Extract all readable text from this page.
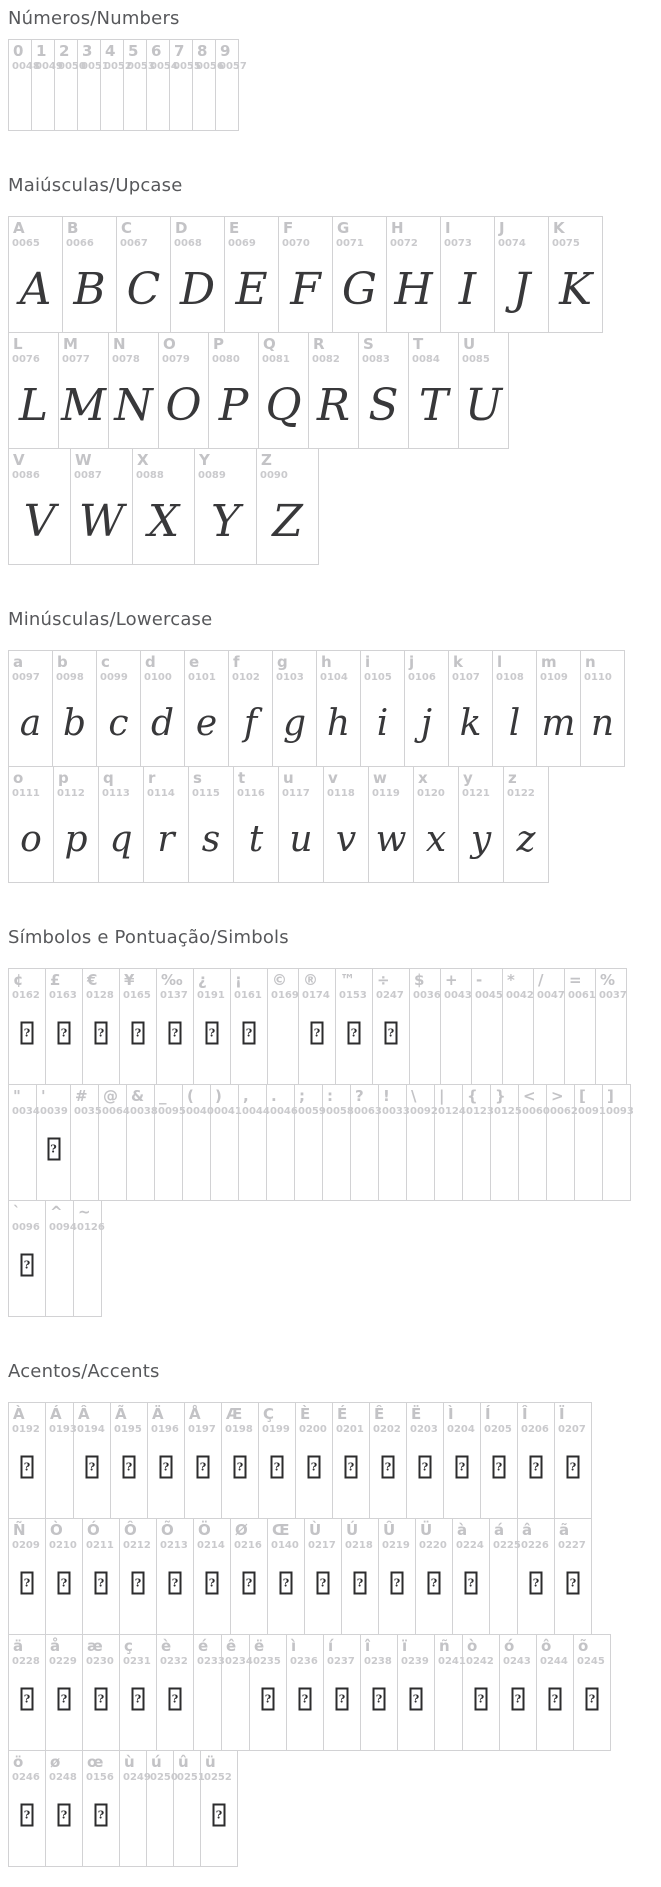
Números/Numbers
0
0048
1
0049
2
0050
3
0051
4
0052
5
0053
6
0054
7
0055
8
0056
9
0057
Maiúsculas/Upcase
A
0065
A
B
0066
B
C
0067
C
D
0068
D
E
0069
E
F
0070
F
G
0071
G
H
0072
H
I
0073
I
J
0074
J
K
0075
K
L
0076
L
M
0077
M
N
0078
N
O
0079
O
P
0080
P
Q
0081
Q
R
0082
R
S
0083
S
T
0084
T
U
0085
U
V
0086
V
W
0087
W
X
0088
X
Y
0089
Y
Z
0090
Z
Minúsculas/Lowercase
a
0097
a
b
0098
b
c
0099
c
d
0100
d
e
0101
e
f
0102
f
g
0103
g
h
0104
h
i
0105
i
j
0106
j
k
0107
k
l
0108
l
m
0109
m
n
0110
n
o
0111
o
p
0112
p
q
0113
q
r
0114
r
s
0115
s
t
0116
t
u
0117
u
v
0118
v
w
0119
w
x
0120
x
y
0121
y
z
0122
z
Símbolos e Pontuação/Simbols
¢
0162
?
£
0163
?
€
0128
?
¥
0165
?
‰
0137
?
¿
0191
?
¡
0161
?
©
0169
®
0174
?
™
0153
?
÷
0247
?
$
0036
+
0043
-
0045
*
0042
/
0047
=
0061
%
0037
"
0034
'
0039
?
#
0035
@
0064
&
0038
_
0095
(
0040
)
0041
,
0044
.
0046
;
0059
:
0058
?
0063
!
0033
\
0092
|
0124
{
0123
}
0125
<
0060
>
0062
[
0091
]
0093
`
0096
?
^
0094
~
0126
Acentos/Accents
À
0192
?
Á
0193
Â
0194
?
Ã
0195
?
Ä
0196
?
Å
0197
?
Æ
0198
?
Ç
0199
?
È
0200
?
É
0201
?
Ê
0202
?
Ë
0203
?
Ì
0204
?
Í
0205
?
Î
0206
?
Ï
0207
?
Ñ
0209
?
Ò
0210
?
Ó
0211
?
Ô
0212
?
Õ
0213
?
Ö
0214
?
Ø
0216
?
Œ
0140
?
Ù
0217
?
Ú
0218
?
Û
0219
?
Ü
0220
?
à
0224
?
á
0225
â
0226
?
ã
0227
?
ä
0228
?
å
0229
?
æ
0230
?
ç
0231
?
è
0232
?
é
0233
ê
0234
ë
0235
?
ì
0236
?
í
0237
?
î
0238
?
ï
0239
?
ñ
0241
ò
0242
?
ó
0243
?
ô
0244
?
õ
0245
?
ö
0246
?
ø
0248
?
œ
0156
?
ù
0249
ú
0250
û
0251
ü
0252
?
